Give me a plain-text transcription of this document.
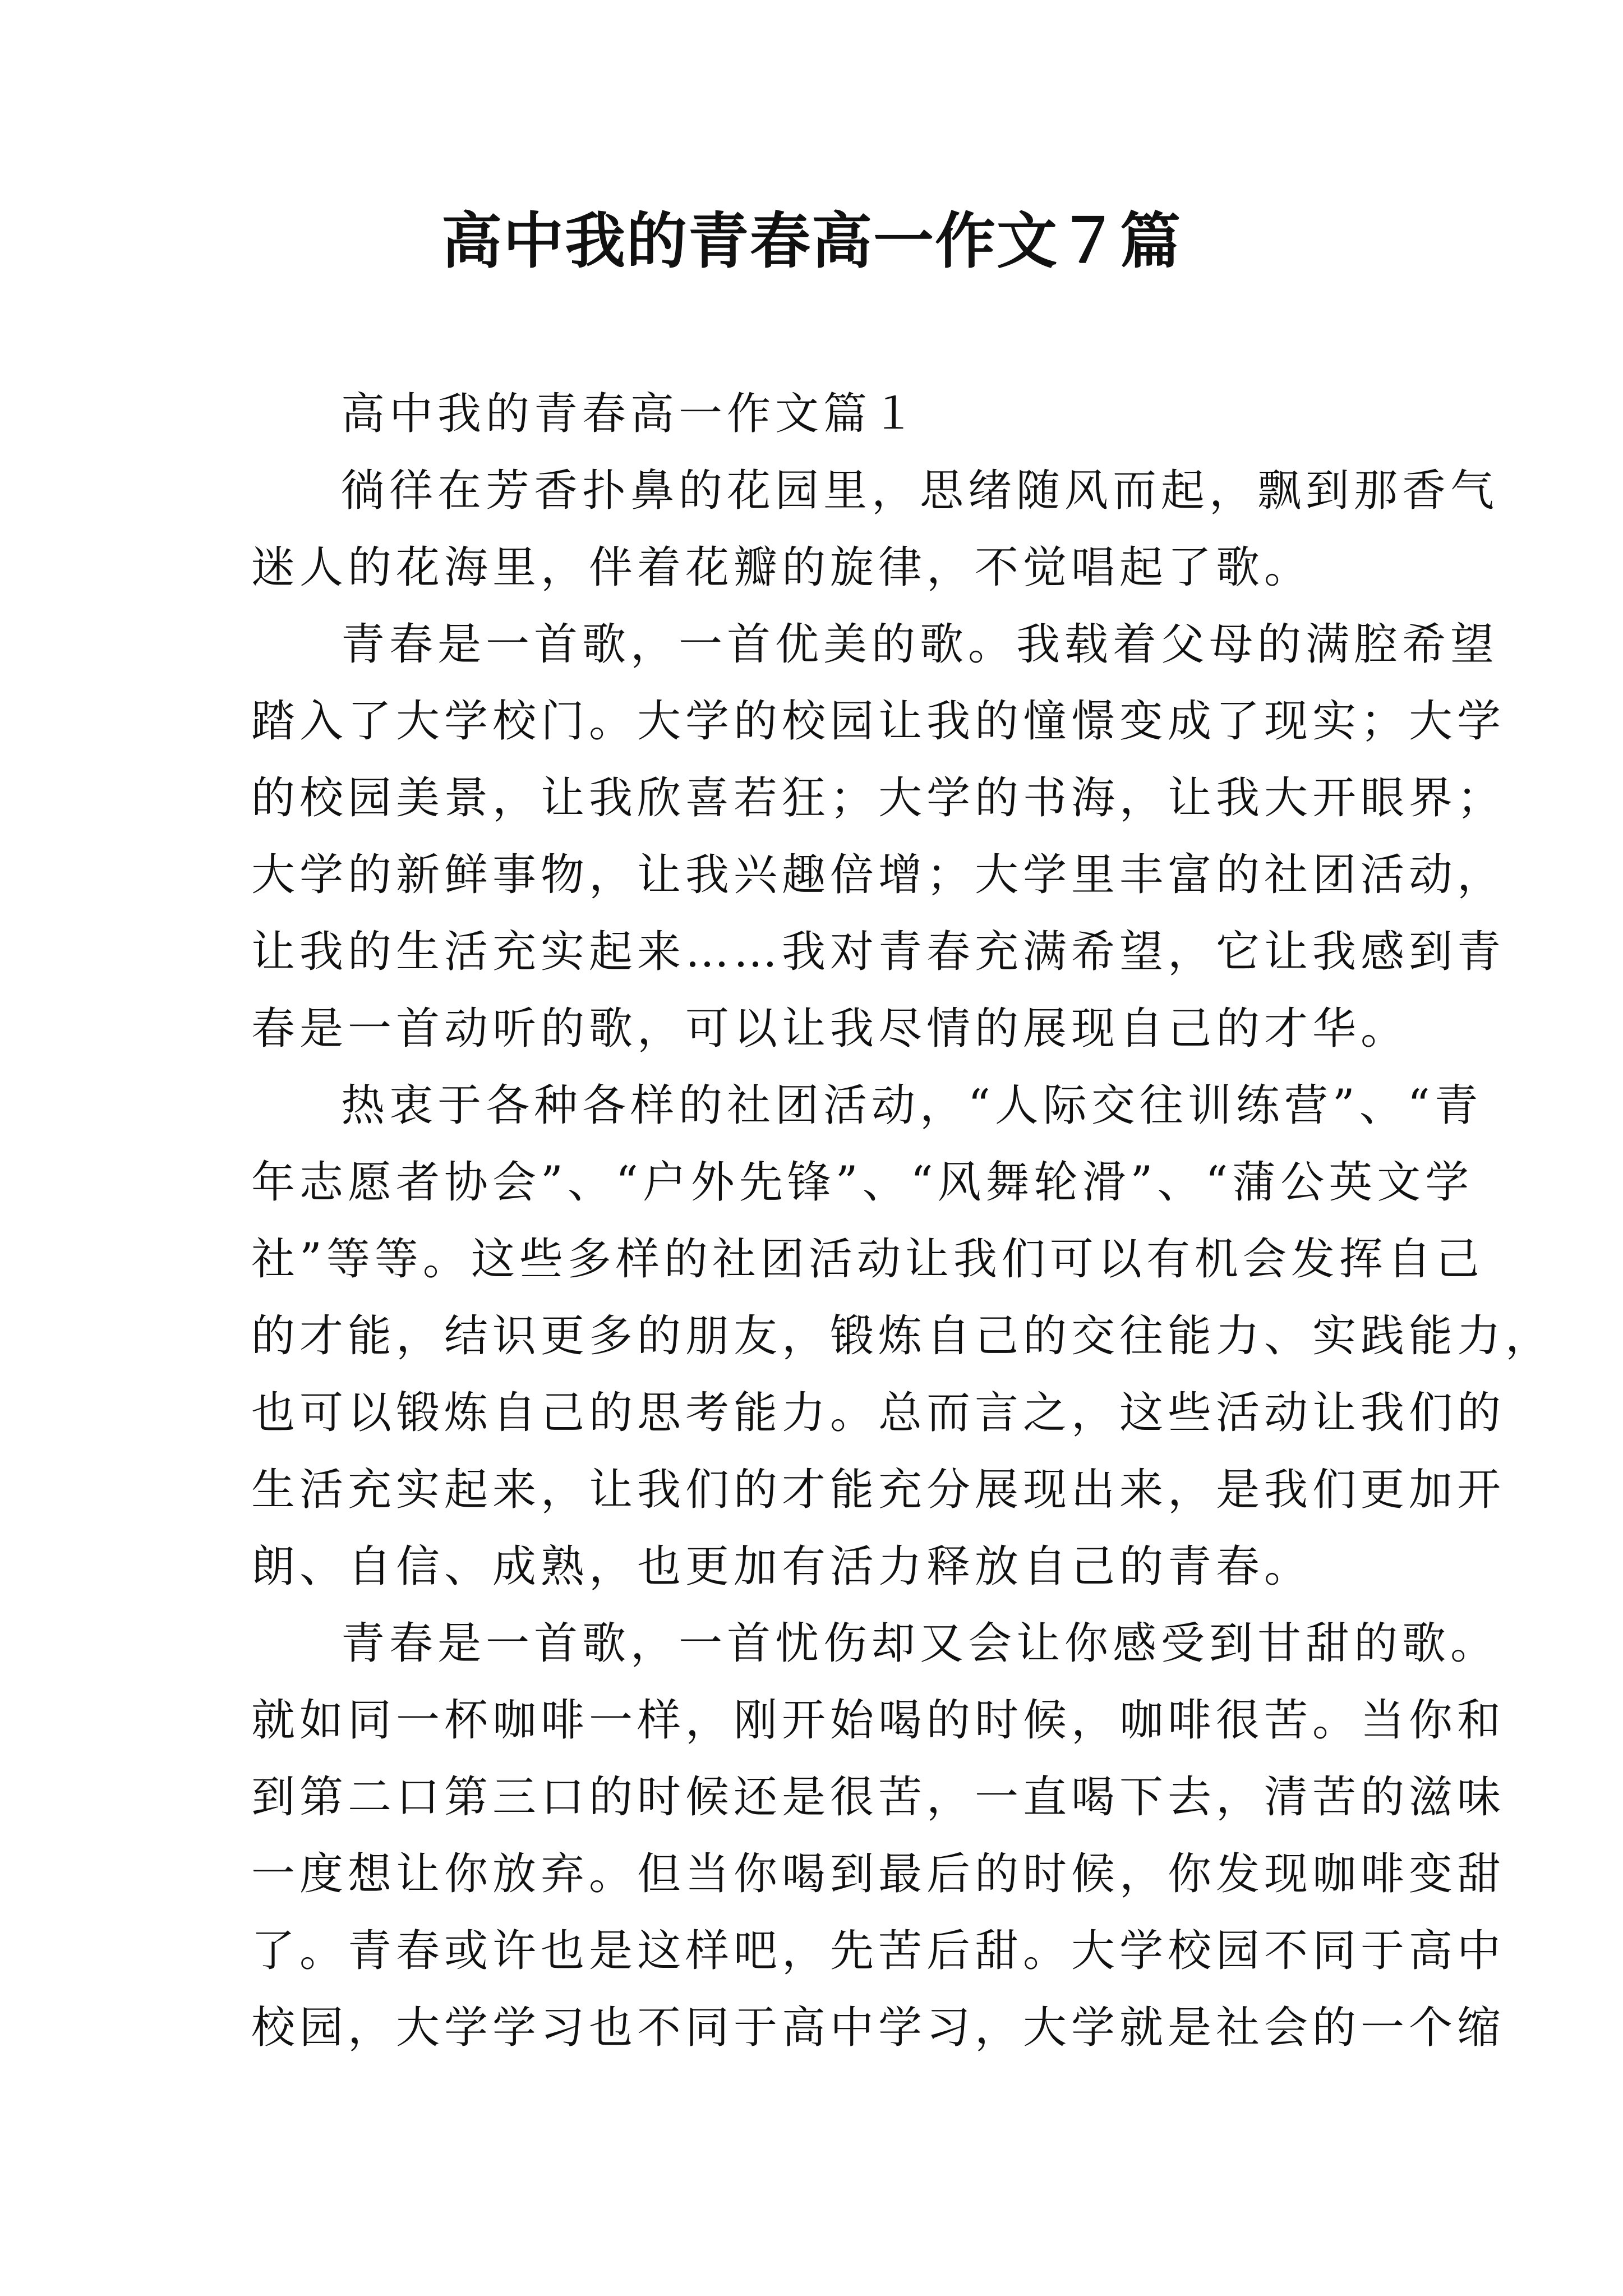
高中我的青春高一作文７篇
高中我的青春高一作文篇１
徜徉在芳香扑鼻的花园里，思绪随风而起，飘到那香气
迷人的花海里，伴着花瓣的旋律，不觉唱起了歌。
青春是一首歌，一首优美的歌。我载着父母的满腔希望
踏入了大学校门。大学的校园让我的憧憬变成了现实；大学
的校园美景，让我欣喜若狂；大学的书海，让我大开眼界；
大学的新鲜事物，让我兴趣倍增；大学里丰富的社团活动，
让我的生活充实起来……我对青春充满希望，它让我感到青
春是一首动听的歌，可以让我尽情的展现自己的才华。
热衷于各种各样的社团活动，“人际交往训练营”、“青
年志愿者协会”、“户外先锋”、“风舞轮滑”、“蒲公英文学
社”等等。这些多样的社团活动让我们可以有机会发挥自己
的才能，结识更多的朋友，锻炼自己的交往能力、实践能力，
也可以锻炼自己的思考能力。总而言之，这些活动让我们的
生活充实起来，让我们的才能充分展现出来，是我们更加开
朗、自信、成熟，也更加有活力释放自己的青春。
青春是一首歌，一首忧伤却又会让你感受到甘甜的歌。
就如同一杯咖啡一样，刚开始喝的时候，咖啡很苦。当你和
到第二口第三口的时候还是很苦，一直喝下去，清苦的滋味
一度想让你放弃。但当你喝到最后的时候，你发现咖啡变甜
了。青春或许也是这样吧，先苦后甜。大学校园不同于高中
校园，大学学习也不同于高中学习，大学就是社会的一个缩
